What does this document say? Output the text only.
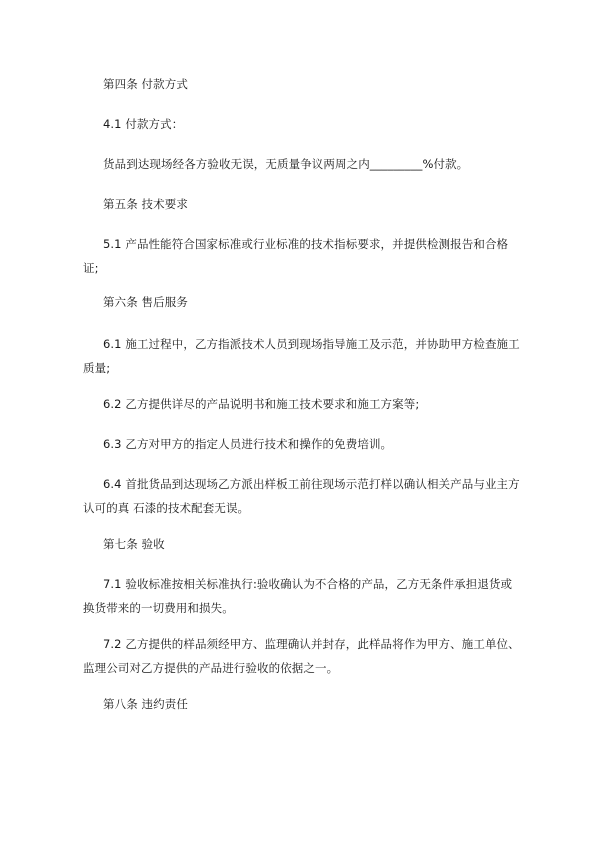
第四条 付款方式
4.1 付款方式：
货品到达现场经各方验收无误，无质量争议两周之内_________%付款。
第五条 技术要求
5.1 产品性能符合国家标准或行业标准的技术指标要求，并提供检测报告和合格证;
第六条 售后服务
6.1 施工过程中，乙方指派技术人员到现场指导施工及示范，并协助甲方检查施工质量;
6.2 乙方提供详尽的产品说明书和施工技术要求和施工方案等;
6.3 乙方对甲方的指定人员进行技术和操作的免费培训。
6.4 首批货品到达现场乙方派出样板工前往现场示范打样以确认相关产品与业主方认可的真 石漆的技术配套无误。
第七条 验收
7.1 验收标准按相关标准执行:验收确认为不合格的产品，乙方无条件承担退货或换货带来的一切费用和损失。
7.2 乙方提供的样品须经甲方、监理确认并封存，此样品将作为甲方、施工单位、监理公司对乙方提供的产品进行验收的依据之一。
第八条 违约责任
